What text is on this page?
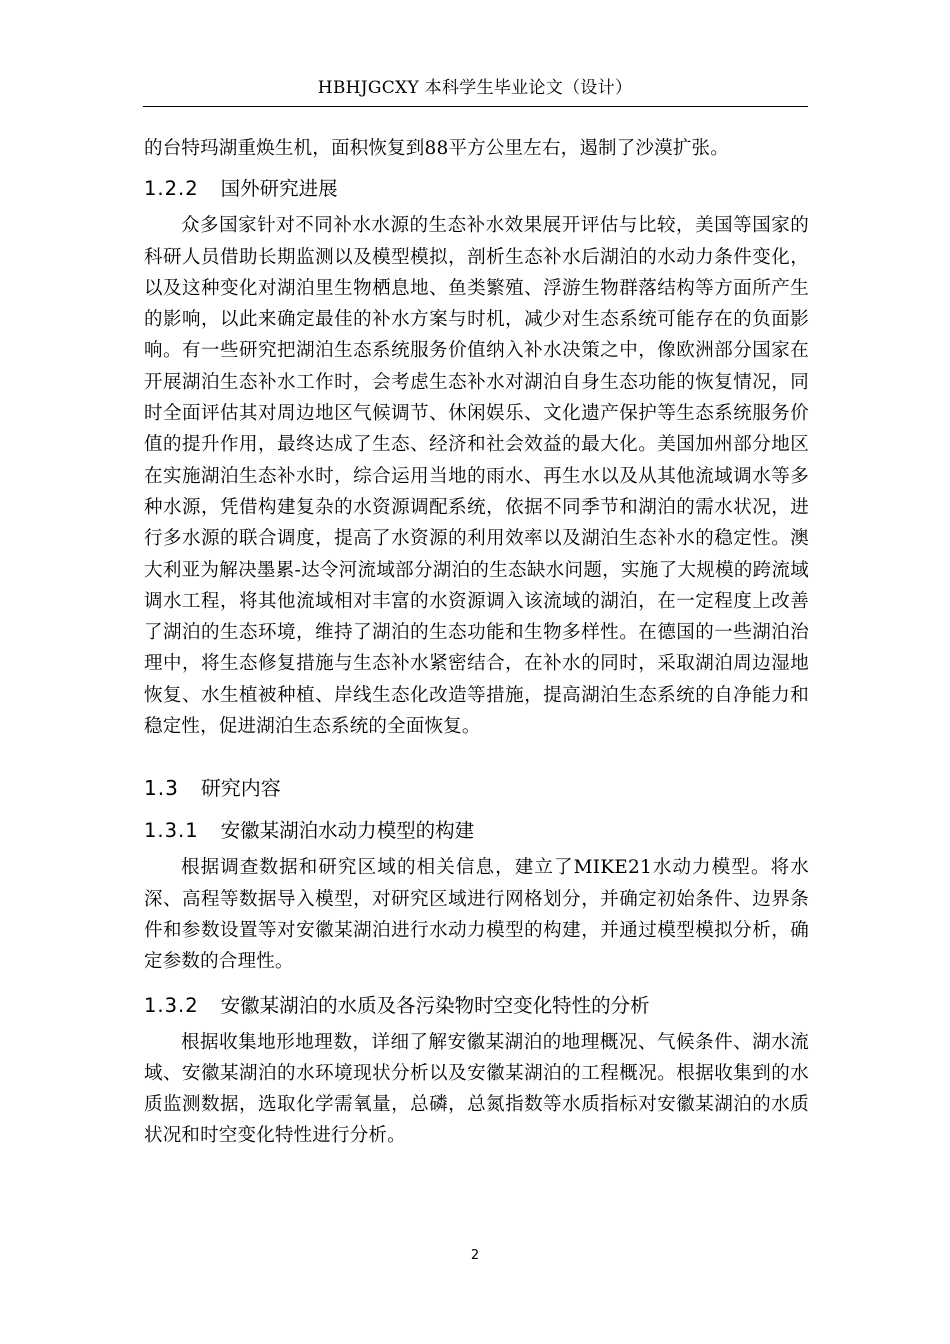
HBHJGCXY 本科学生毕业论文（设计）

的台特玛湖重焕生机，面积恢复到88平方公里左右，遏制了沙漠扩张。

1.2.2 国外研究进展

众多国家针对不同补水水源的生态补水效果展开评估与比较，美国等国家的科研人员借助长期监测以及模型模拟，剖析生态补水后湖泊的水动力条件变化，以及这种变化对湖泊里生物栖息地、鱼类繁殖、浮游生物群落结构等方面所产生的影响，以此来确定最佳的补水方案与时机，减少对生态系统可能存在的负面影响。有一些研究把湖泊生态系统服务价值纳入补水决策之中，像欧洲部分国家在开展湖泊生态补水工作时，会考虑生态补水对湖泊自身生态功能的恢复情况，同时全面评估其对周边地区气候调节、休闲娱乐、文化遗产保护等生态系统服务价值的提升作用，最终达成了生态、经济和社会效益的最大化。美国加州部分地区在实施湖泊生态补水时，综合运用当地的雨水、再生水以及从其他流域调水等多种水源，凭借构建复杂的水资源调配系统，依据不同季节和湖泊的需水状况，进行多水源的联合调度，提高了水资源的利用效率以及湖泊生态补水的稳定性。澳大利亚为解决墨累-达令河流域部分湖泊的生态缺水问题，实施了大规模的跨流域调水工程，将其他流域相对丰富的水资源调入该流域的湖泊，在一定程度上改善了湖泊的生态环境，维持了湖泊的生态功能和生物多样性。在德国的一些湖泊治理中，将生态修复措施与生态补水紧密结合，在补水的同时，采取湖泊周边湿地恢复、水生植被种植、岸线生态化改造等措施，提高湖泊生态系统的自净能力和稳定性，促进湖泊生态系统的全面恢复。

1.3 研究内容
1.3.1 安徽某湖泊水动力模型的构建

根据调查数据和研究区域的相关信息，建立了MIKE21水动力模型。将水深、高程等数据导入模型，对研究区域进行网格划分，并确定初始条件、边界条件和参数设置等对安徽某湖泊进行水动力模型的构建，并通过模型模拟分析，确定参数的合理性。

1.3.2 安徽某湖泊的水质及各污染物时空变化特性的分析

根据收集地形地理数，详细了解安徽某湖泊的地理概况、气候条件、湖水流域、安徽某湖泊的水环境现状分析以及安徽某湖泊的工程概况。根据收集到的水质监测数据，选取化学需氧量，总磷，总氮指数等水质指标对安徽某湖泊的水质状况和时空变化特性进行分析。

2
